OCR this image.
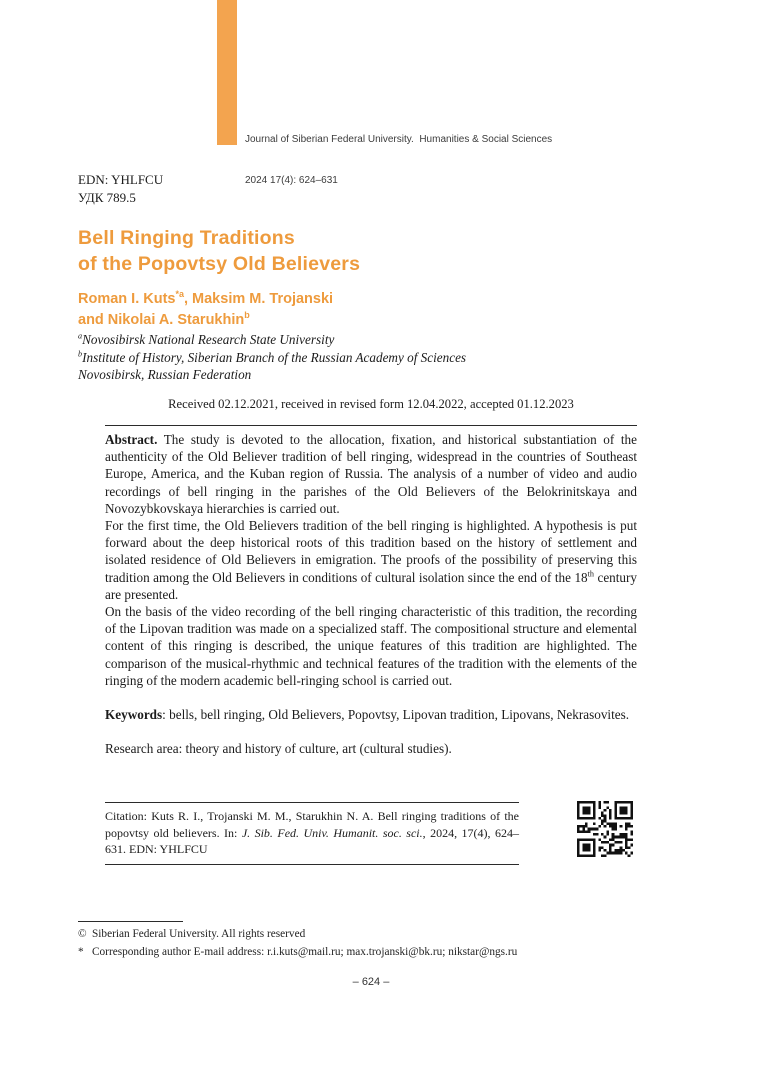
Journal of Siberian Federal University.  Humanities & Social Sciences

2024 17(4): 624–631

EDN: YHLFCU
УДК 789.5
Bell Ringing Traditions
of the Popovtsy Old Believers
Roman I. Kuts$^{*a}$, Maksim M. Trojanski
and Nikolai A. Starukhin$^b$
$^a$Novosibirsk National Research State University
$^b$Institute of History, Siberian Branch of the Russian Academy of Sciences
Novosibirsk, Russian Federation
Received 02.12.2021, received in revised form 12.04.2022, accepted 01.12.2023

Abstract. The study is devoted to the allocation, fixation, and historical substantiation of the authenticity of the Old Believer tradition of bell ringing, widespread in the countries of Southeast Europe, America, and the Kuban region of Russia. The analysis of a number of video and audio recordings of bell ringing in the parishes of the Old Believers of the Belokrinitskaya and Novozybkovskaya hierarchies is carried out.

For the first time, the Old Believers tradition of the bell ringing is highlighted. A hypothesis is put forward about the deep historical roots of this tradition based on the history of settlement and isolated residence of Old Believers in emigration. The proofs of the possibility of preserving this tradition among the Old Believers in conditions of cultural isolation since the end of the 18th century are presented.

On the basis of the video recording of the bell ringing characteristic of this tradition, the recording of the Lipovan tradition was made on a specialized staff. The compositional structure and elemental content of this ringing is described, the unique features of this tradition are highlighted. The comparison of the musical-rhythmic and technical features of the tradition with the elements of the ringing of the modern academic bell-ringing school is carried out.

Keywords: bells, bell ringing, Old Believers, Popovtsy, Lipovan tradition, Lipovans, Nekrasovites.

Research area: theory and history of culture, art (cultural studies).

Citation: Kuts R. I., Trojanski M. M., Starukhin N. A. Bell ringing traditions of the popovtsy old believers. In: J. Sib. Fed. Univ. Humanit. soc. sci., 2024, 17(4), 624–631. EDN: YHLFCU
© Siberian Federal University. All rights reserved
* Corresponding author E-mail address: r.i.kuts@mail.ru; max.trojanski@bk.ru; nikstar@ngs.ru
– 624 –
